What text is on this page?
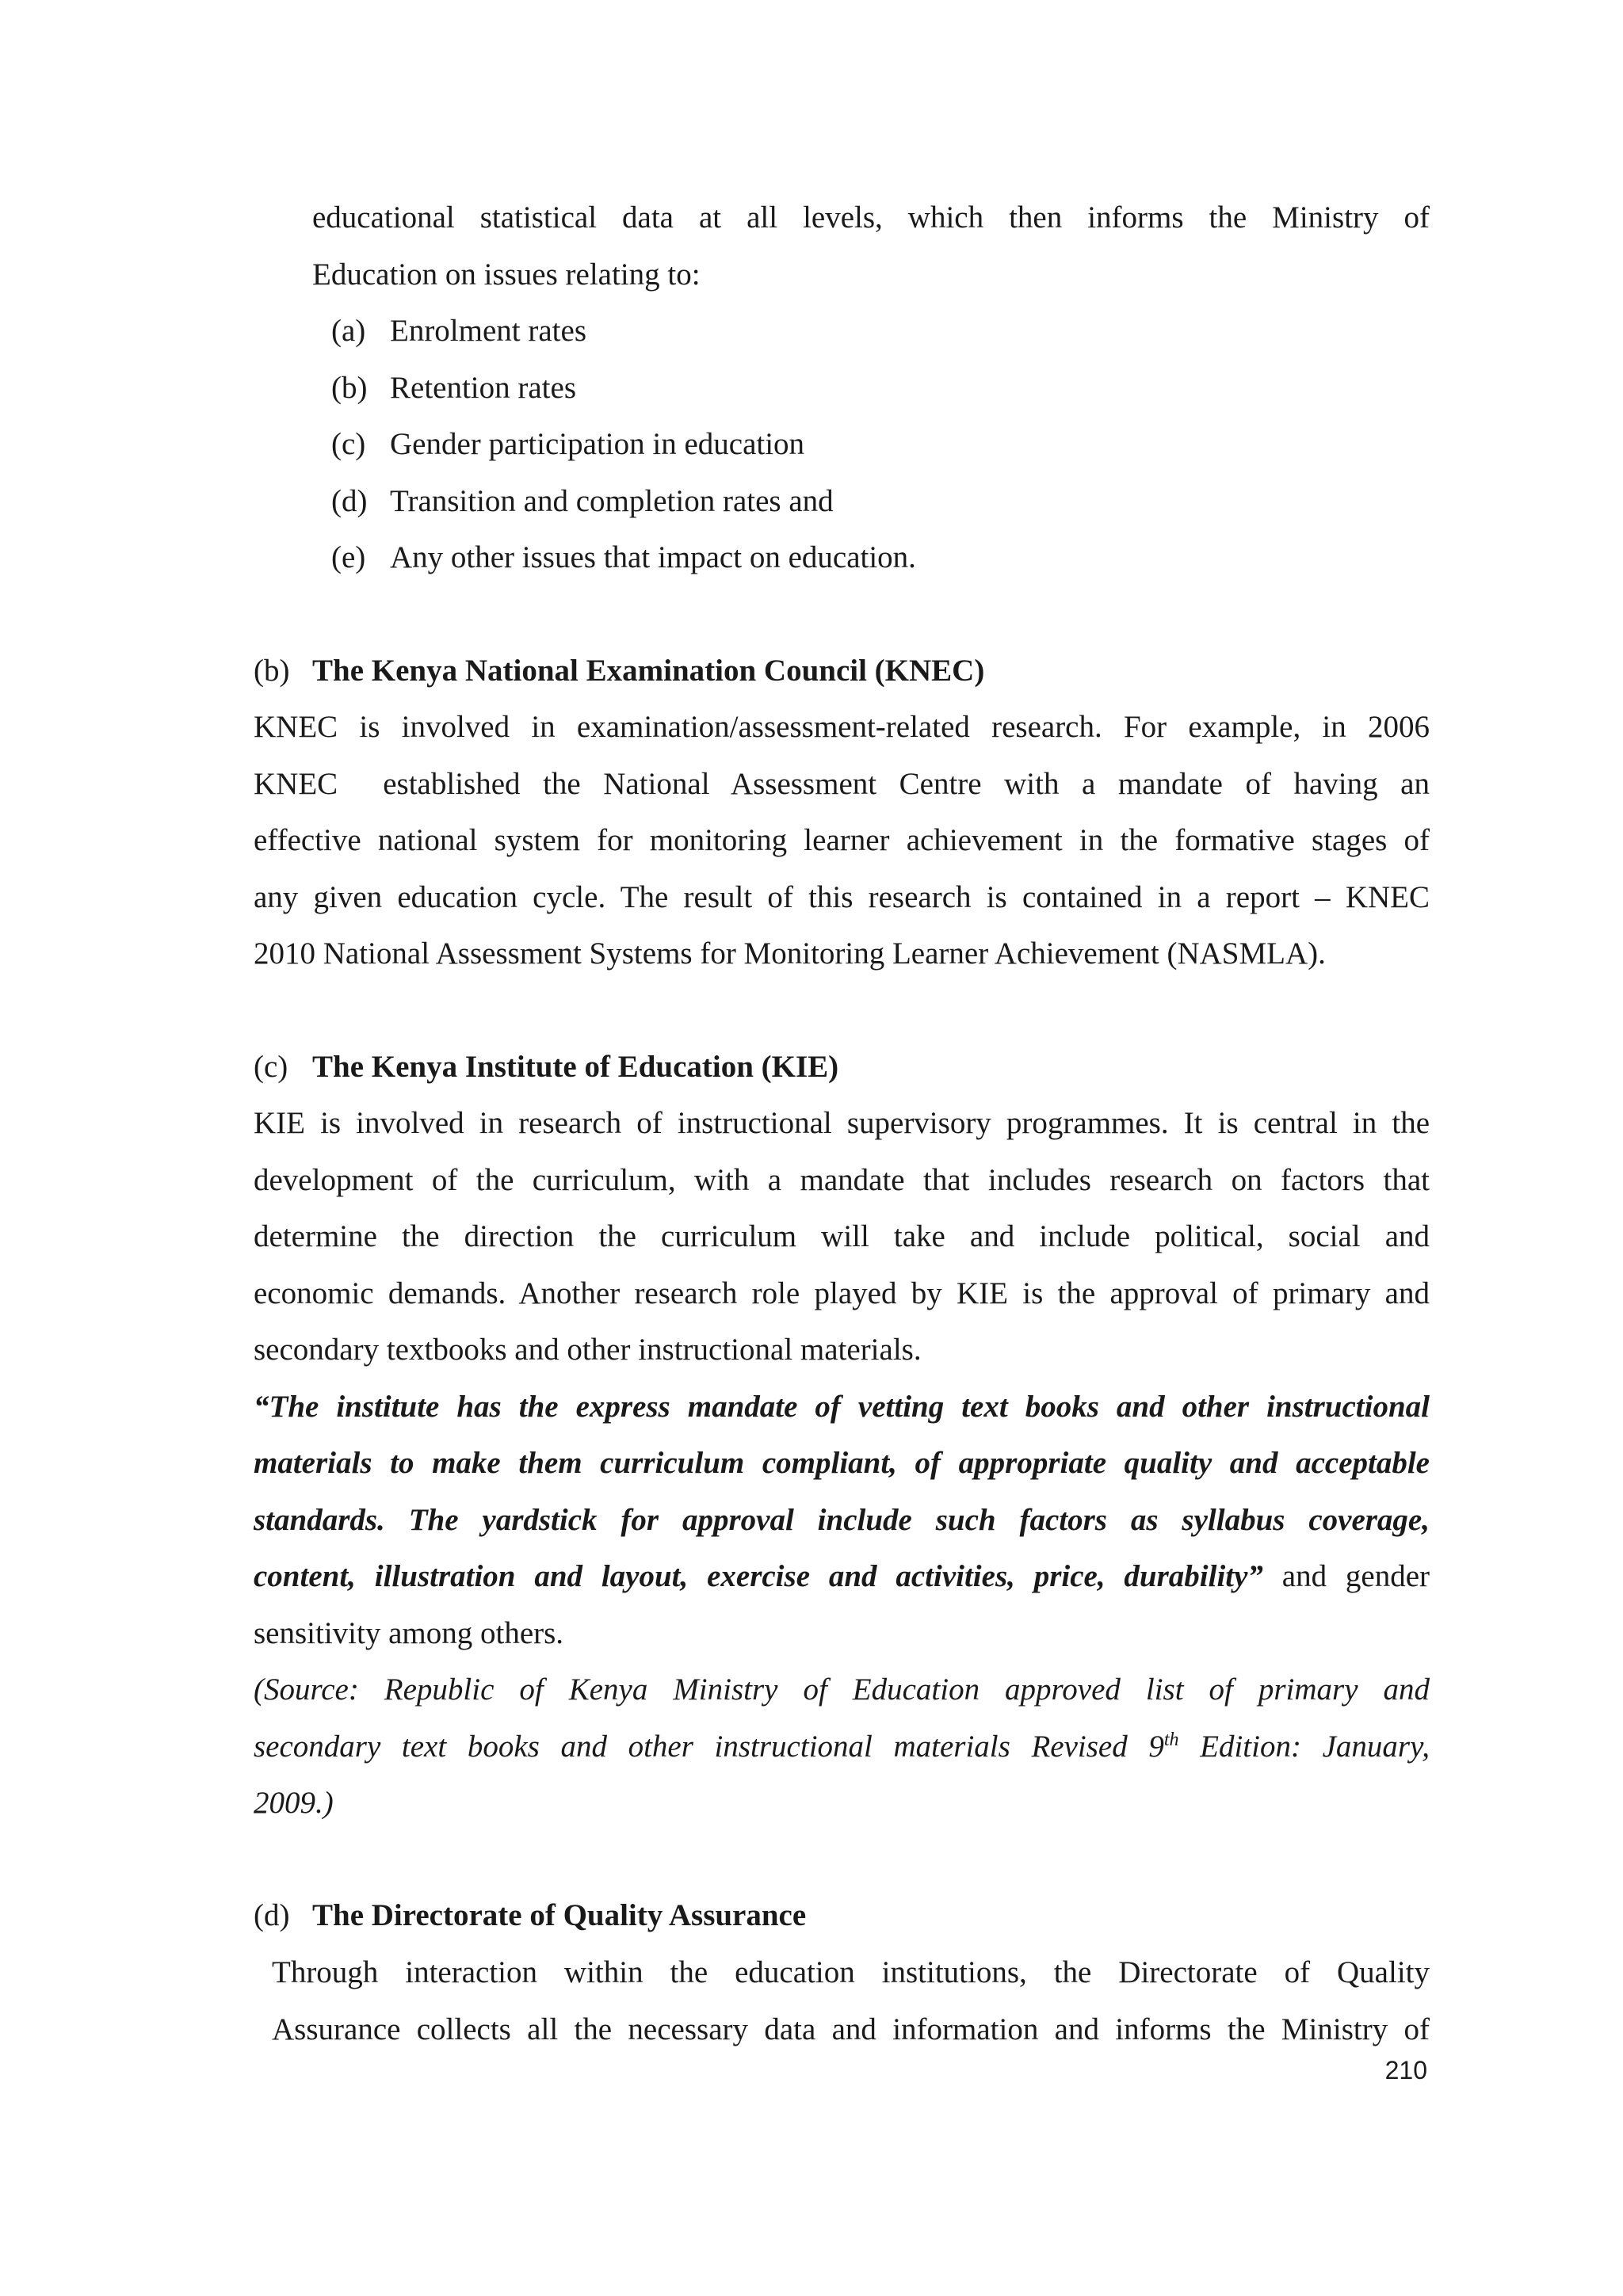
educational statistical data at all levels, which then informs the Ministry of
Education on issues relating to:
(a) Enrolment rates
(b) Retention rates
(c) Gender participation in education
(d) Transition and completion rates and
(e) Any other issues that impact on education.
(b) The Kenya National Examination Council (KNEC)
KNEC is involved in examination/assessment-related research. For example, in 2006
KNEC  established the National Assessment Centre with a mandate of having an
effective national system for monitoring learner achievement in the formative stages of
any given education cycle. The result of this research is contained in a report – KNEC
2010 National Assessment Systems for Monitoring Learner Achievement (NASMLA).
(c) The Kenya Institute of Education (KIE)
KIE is involved in research of instructional supervisory programmes. It is central in the
development of the curriculum, with a mandate that includes research on factors that
determine the direction the curriculum will take and include political, social and
economic demands. Another research role played by KIE is the approval of primary and
secondary textbooks and other instructional materials.
“The institute has the express mandate of vetting text books and other instructional
materials to make them curriculum compliant, of appropriate quality and acceptable
standards. The yardstick for approval include such factors as syllabus coverage,
content, illustration and layout, exercise and activities, price, durability” and gender
sensitivity among others.
(Source: Republic of Kenya Ministry of Education approved list of primary and
secondary text books and other instructional materials Revised 9th Edition: January,
2009.)
(d) The Directorate of Quality Assurance
Through interaction within the education institutions, the Directorate of Quality
Assurance collects all the necessary data and information and informs the Ministry of
210
